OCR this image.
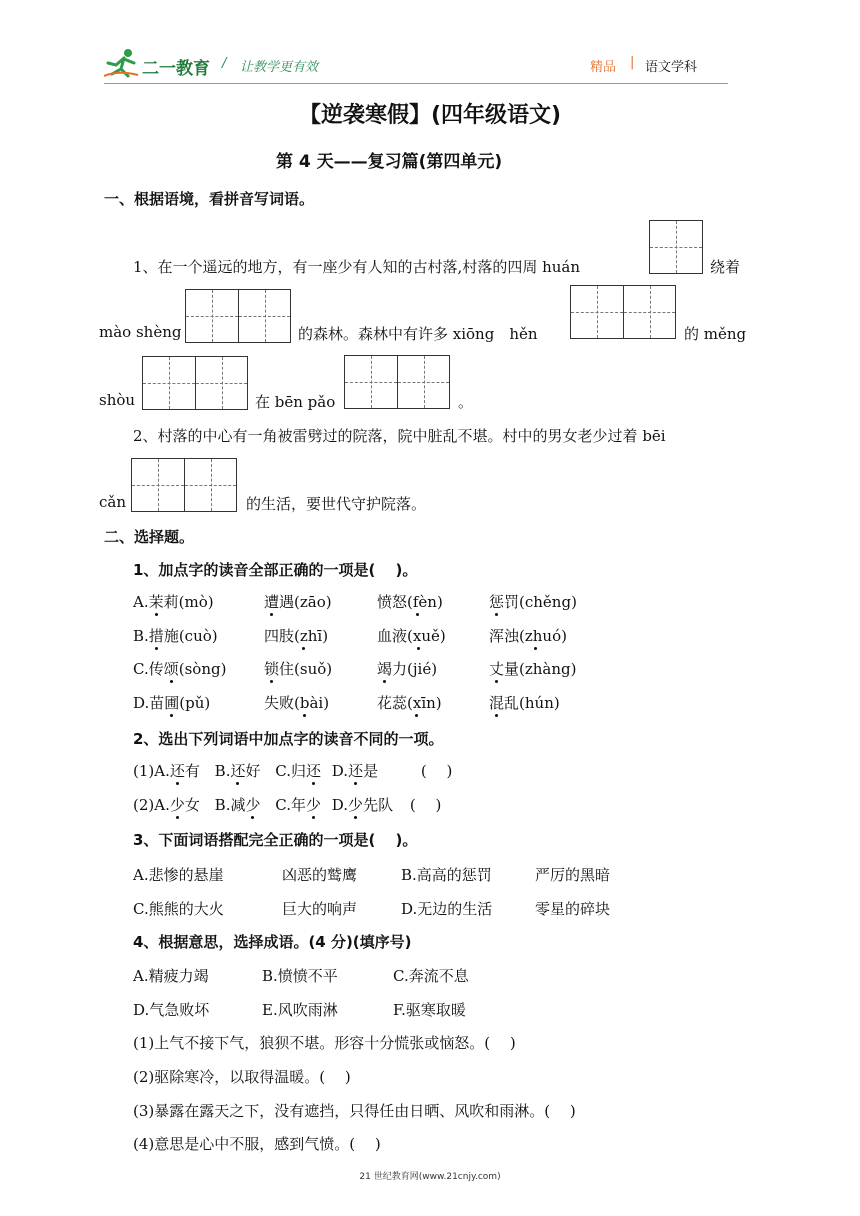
二一教育 / 让教学更有效	精品 | 语文学科
【逆袭寒假】(四年级语文)
第 4 天——复习篇(第四单元)
一、根据语境，看拼音写词语。
1、在一个遥远的地方，有一座少有人知的古村落,村落的四周 huán	绕着
mào shèng	的森林。森林中有许多 xiōng　hěn	的 měng
shòu	在 bēn pǎo	。
2、村落的中心有一角被雷劈过的院落，院中脏乱不堪。村中的男女老少过着 bēi
cǎn	的生活，要世代守护院落。
二、选择题。
1、加点字的读音全部正确的一项是(　 )。
A.茉莉(mò)	遭遇(zāo)	愤怒(fèn)	惩罚(chěng)
B.措施(cuò)	四肢(zhī)	血液(xuě)	浑浊(zhuó)
C.传颂(sòng)	锁住(suǒ)	竭力(jié)	丈量(zhàng)
D.苗圃(pǔ)	失败(bài)	花蕊(xīn)	混乱(hún)
2、选出下列词语中加点字的读音不同的一项。
(1)A.还有 B.还好 C.归还 D.还是	(　 )
(2)A.少女 B.减少 C.年少 D.少先队 (　 )
3、下面词语搭配完全正确的一项是(　 )。
A.悲惨的悬崖	凶恶的鹫鹰	B.高高的惩罚	严厉的黑暗
C.熊熊的大火	巨大的响声	D.无边的生活	零星的碎块
4、根据意思，选择成语。(4 分)(填序号)
A.精疲力竭	B.愤愤不平	C.奔流不息
D.气急败坏	E.风吹雨淋	F.驱寒取暖
(1)上气不接下气，狼狈不堪。形容十分慌张或恼怒。(　 )
(2)驱除寒冷，以取得温暖。(　 )
(3)暴露在露天之下，没有遮挡，只得任由日晒、风吹和雨淋。(　 )
(4)意思是心中不服，感到气愤。(　 )
21 世纪教育网(www.21cnjy.com)
